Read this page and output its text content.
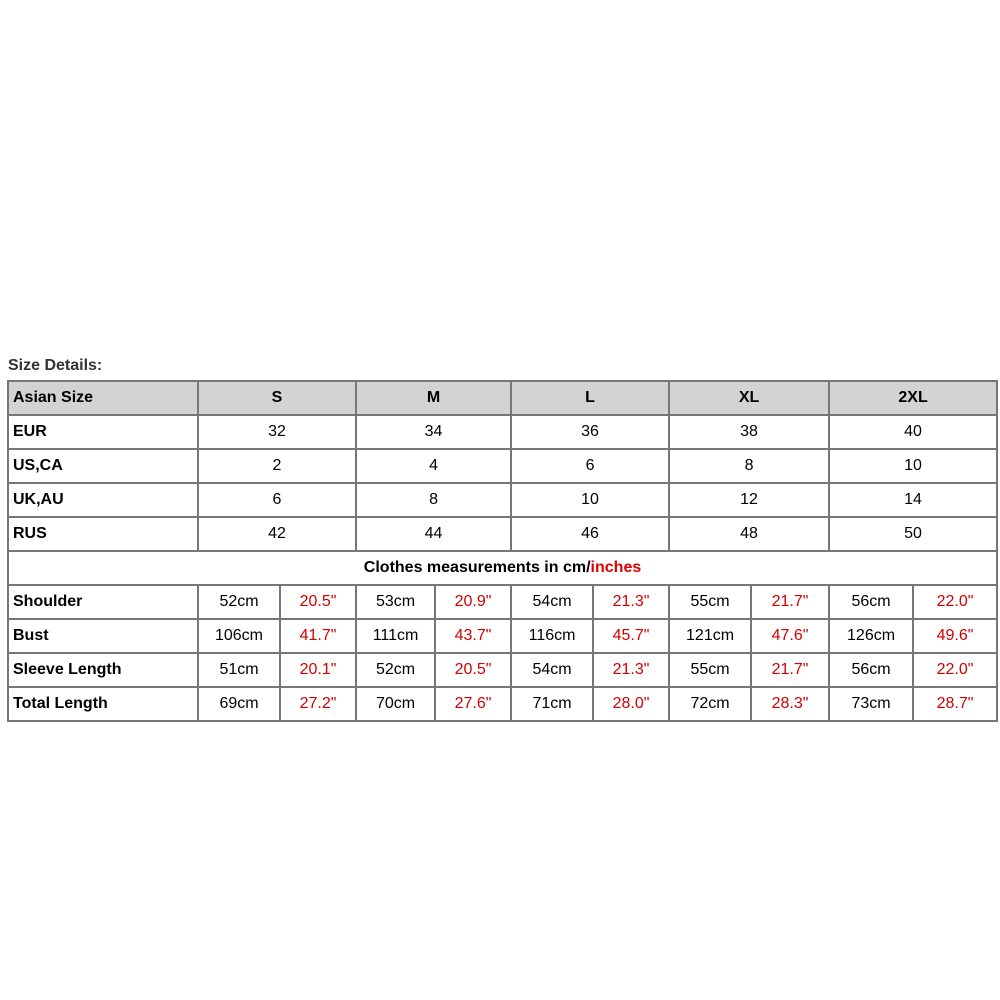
Size Details:
Asian Size	S		M		L		XL		2XL	
EUR	32		34		36		38		40	
US,CA	2		4		6		8		10	
UK,AU	6		8		10		12		14	
RUS	42		44		46		48		50	
Clothes measurements in cm/inches										
Shoulder	52cm	20.5"	53cm	20.9"	54cm	21.3"	55cm	21.7"	56cm	22.0"
Bust	106cm	41.7"	111cm	43.7"	116cm	45.7"	121cm	47.6"	126cm	49.6"
Sleeve Length	51cm	20.1"	52cm	20.5"	54cm	21.3"	55cm	21.7"	56cm	22.0"
Total Length	69cm	27.2"	70cm	27.6"	71cm	28.0"	72cm	28.3"	73cm	28.7"
